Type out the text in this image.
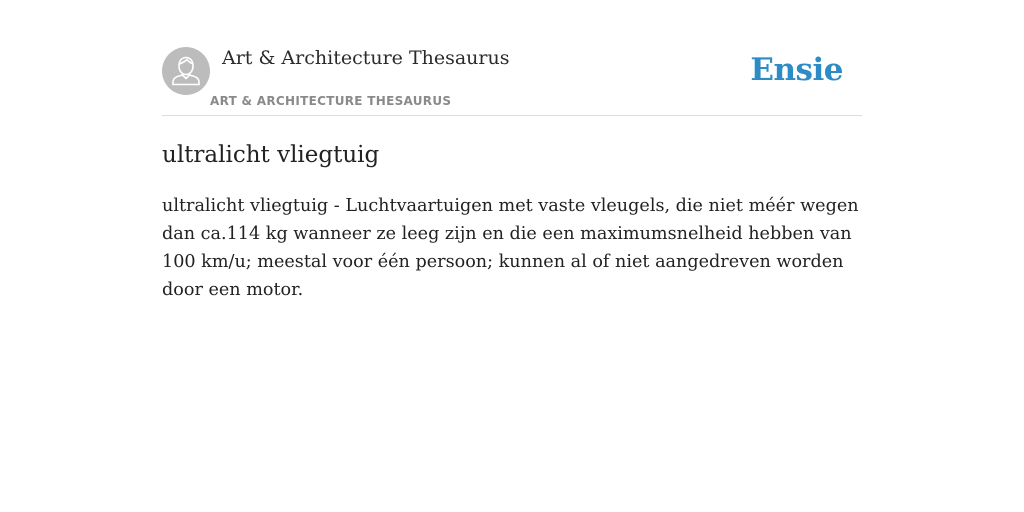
Art & Architecture Thesaurus
ART & ARCHITECTURE THESAURUS
Ensie
ultralicht vliegtuig

ultralicht vliegtuig - Luchtvaartuigen met vaste vleugels, die niet méér wegen dan ca.114 kg wanneer ze leeg zijn en die een maximumsnelheid hebben van 100 km/u; meestal voor één persoon; kunnen al of niet aangedreven worden door een motor.
